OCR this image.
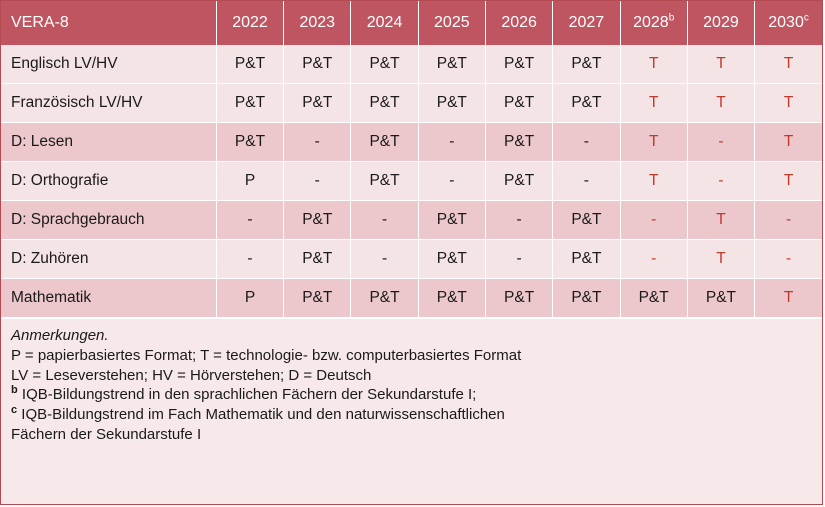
VERA-8	2022	2023	2024	2025	2026	2027	2028$^b$	2029	2030$^c$
Englisch LV/HV	P&T	P&T	P&T	P&T	P&T	P&T	T	T	T
Französisch LV/HV	P&T	P&T	P&T	P&T	P&T	P&T	T	T	T
D: Lesen	P&T	-	P&T	-	P&T	-	T	-	T
D: Orthografie	P	-	P&T	-	P&T	-	T	-	T
D: Sprachgebrauch	-	P&T	-	P&T	-	P&T	-	T	-
D: Zuhören	-	P&T	-	P&T	-	P&T	-	T	-
Mathematik	P	P&T	P&T	P&T	P&T	P&T	P&T	P&T	T
Anmerkungen.
P = papierbasiertes Format; T = technologie- bzw. computerbasiertes Format
LV = Leseverstehen; HV = Hörverstehen; D = Deutsch
$^b$ IQB-Bildungstrend in den sprachlichen Fächern der Sekundarstufe I;
$^c$ IQB-Bildungstrend im Fach Mathematik und den naturwissenschaftlichen
Fächern der Sekundarstufe I
